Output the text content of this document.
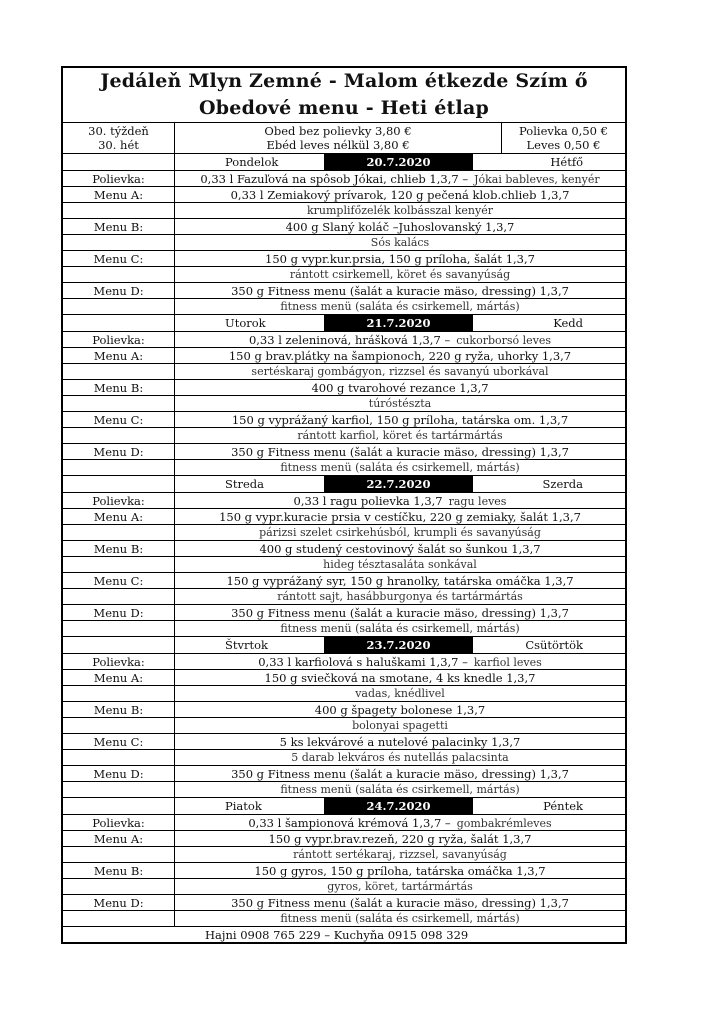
Jedáleň Mlyn Zemné - Malom étkezde Szím ő
Obedové menu - Heti étlap
30. týždeň
30. hét
Obed bez polievky 3,80 €
Ebéd leves nélkül 3,80 €
Polievka 0,50 €
Leves 0,50 €
Pondelok	20.7.2020	Hétfő
Polievka:	0,33 l Fazuľová na spôsob Jókai, chlieb 1,3,7 – Jókai bableves, kenyér
Menu A:	0,33 l Zemiakový prívarok, 120 g pečená klob.chlieb 1,3,7
krumplifőzelék kolbásszal kenyér
Menu B:	400 g Slaný koláč –Juhoslovanský 1,3,7
Sós kalács
Menu C:	150 g vypr.kur.prsia, 150 g príloha, šalát 1,3,7
rántott csirkemell, köret és savanyúság
Menu D:	350 g Fitness menu (šalát a kuracie mäso, dressing) 1,3,7
fitness menü (saláta és csirkemell, mártás)
Utorok	21.7.2020	Kedd
Polievka:	0,33 l zeleninová, hrášková 1,3,7 – cukorborsó leves
Menu A:	150 g brav.plátky na šampionoch, 220 g ryža, uhorky 1,3,7
sertéskaraj gombágyon, rizzsel és savanyú uborkával
Menu B:	400 g tvarohové rezance 1,3,7
túróstészta
Menu C:	150 g vyprážaný karfiol, 150 g príloha, tatárska om. 1,3,7
rántott karfiol, köret és tartármártás
Menu D:	350 g Fitness menu (šalát a kuracie mäso, dressing) 1,3,7
fitness menü (saláta és csirkemell, mártás)
Streda	22.7.2020	Szerda
Polievka:	0,33 l ragu polievka 1,3,7 ragu leves
Menu A:	150 g vypr.kuracie prsia v cestíčku, 220 g zemiaky, šalát 1,3,7
párizsi szelet csirkehúsból, krumpli és savanyúság
Menu B:	400 g studený cestovinový šalát so šunkou 1,3,7
hideg tésztasaláta sonkával
Menu C:	150 g vyprážaný syr, 150 g hranolky, tatárska omáčka 1,3,7
rántott sajt, hasábburgonya és tartármártás
Menu D:	350 g Fitness menu (šalát a kuracie mäso, dressing) 1,3,7
fitness menü (saláta és csirkemell, mártás)
Štvrtok	23.7.2020	Csütörtök
Polievka:	0,33 l karfiolová s haluškami 1,3,7 – karfiol leves
Menu A:	150 g sviečková na smotane, 4 ks knedle 1,3,7
vadas, knédlivel
Menu B:	400 g špagety bolonese 1,3,7
bolonyai spagetti
Menu C:	5 ks lekvárové a nutelové palacinky 1,3,7
5 darab lekváros és nutellás palacsinta
Menu D:	350 g Fitness menu (šalát a kuracie mäso, dressing) 1,3,7
fitness menü (saláta és csirkemell, mártás)
Piatok	24.7.2020	Péntek
Polievka:	0,33 l šampionová krémová 1,3,7 – gombakrémleves
Menu A:	150 g vypr.brav.rezeň, 220 g ryža, šalát 1,3,7
rántott sertékaraj, rizzsel, savanyúság
Menu B:	150 g gyros, 150 g príloha, tatárska omáčka 1,3,7
gyros, köret, tartármártás
Menu D:	350 g Fitness menu (šalát a kuracie mäso, dressing) 1,3,7
fitness menü (saláta és csirkemell, mártás)
Hajni 0908 765 229 – Kuchyňa 0915 098 329
